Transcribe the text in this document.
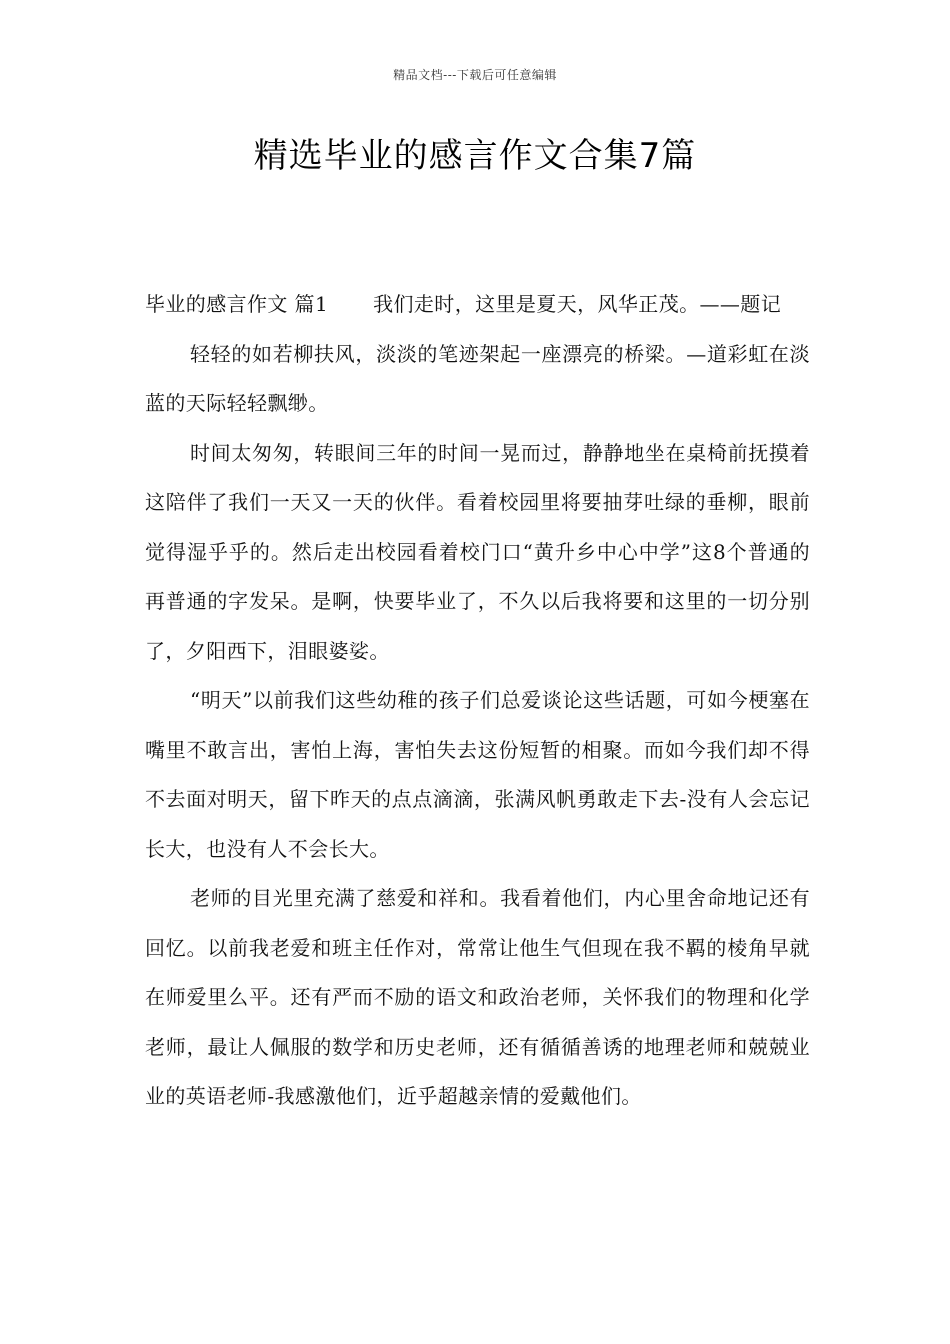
精品文档---下载后可任意编辑
精选毕业的感言作文合集7篇

毕业的感言作文 篇1 我们走时，这里是夏天，风华正茂。——题记

轻轻的如若柳扶风，淡淡的笔迹架起一座漂亮的桥梁。—道彩虹在淡蓝的天际轻轻飘缈。

时间太匆匆，转眼间三年的时间一晃而过，静静地坐在桌椅前抚摸着这陪伴了我们一天又一天的伙伴。看着校园里将要抽芽吐绿的垂柳，眼前觉得湿乎乎的。然后走出校园看着校门口“黄升乡中心中学”这8个普通的再普通的字发呆。是啊，快要毕业了，不久以后我将要和这里的一切分别了，夕阳西下，泪眼婆娑。

“明天”以前我们这些幼稚的孩子们总爱谈论这些话题，可如今梗塞在嘴里不敢言出，害怕上海，害怕失去这份短暂的相聚。而如今我们却不得不去面对明天，留下昨天的点点滴滴，张满风帆勇敢走下去-没有人会忘记长大，也没有人不会长大。

老师的目光里充满了慈爱和祥和。我看着他们，内心里舍命地记还有回忆。以前我老爱和班主任作对，常常让他生气但现在我不羁的棱角早就在师爱里么平。还有严而不励的语文和政治老师，关怀我们的物理和化学老师，最让人佩服的数学和历史老师，还有循循善诱的地理老师和兢兢业业的英语老师-我感激他们，近乎超越亲情的爱戴他们。
